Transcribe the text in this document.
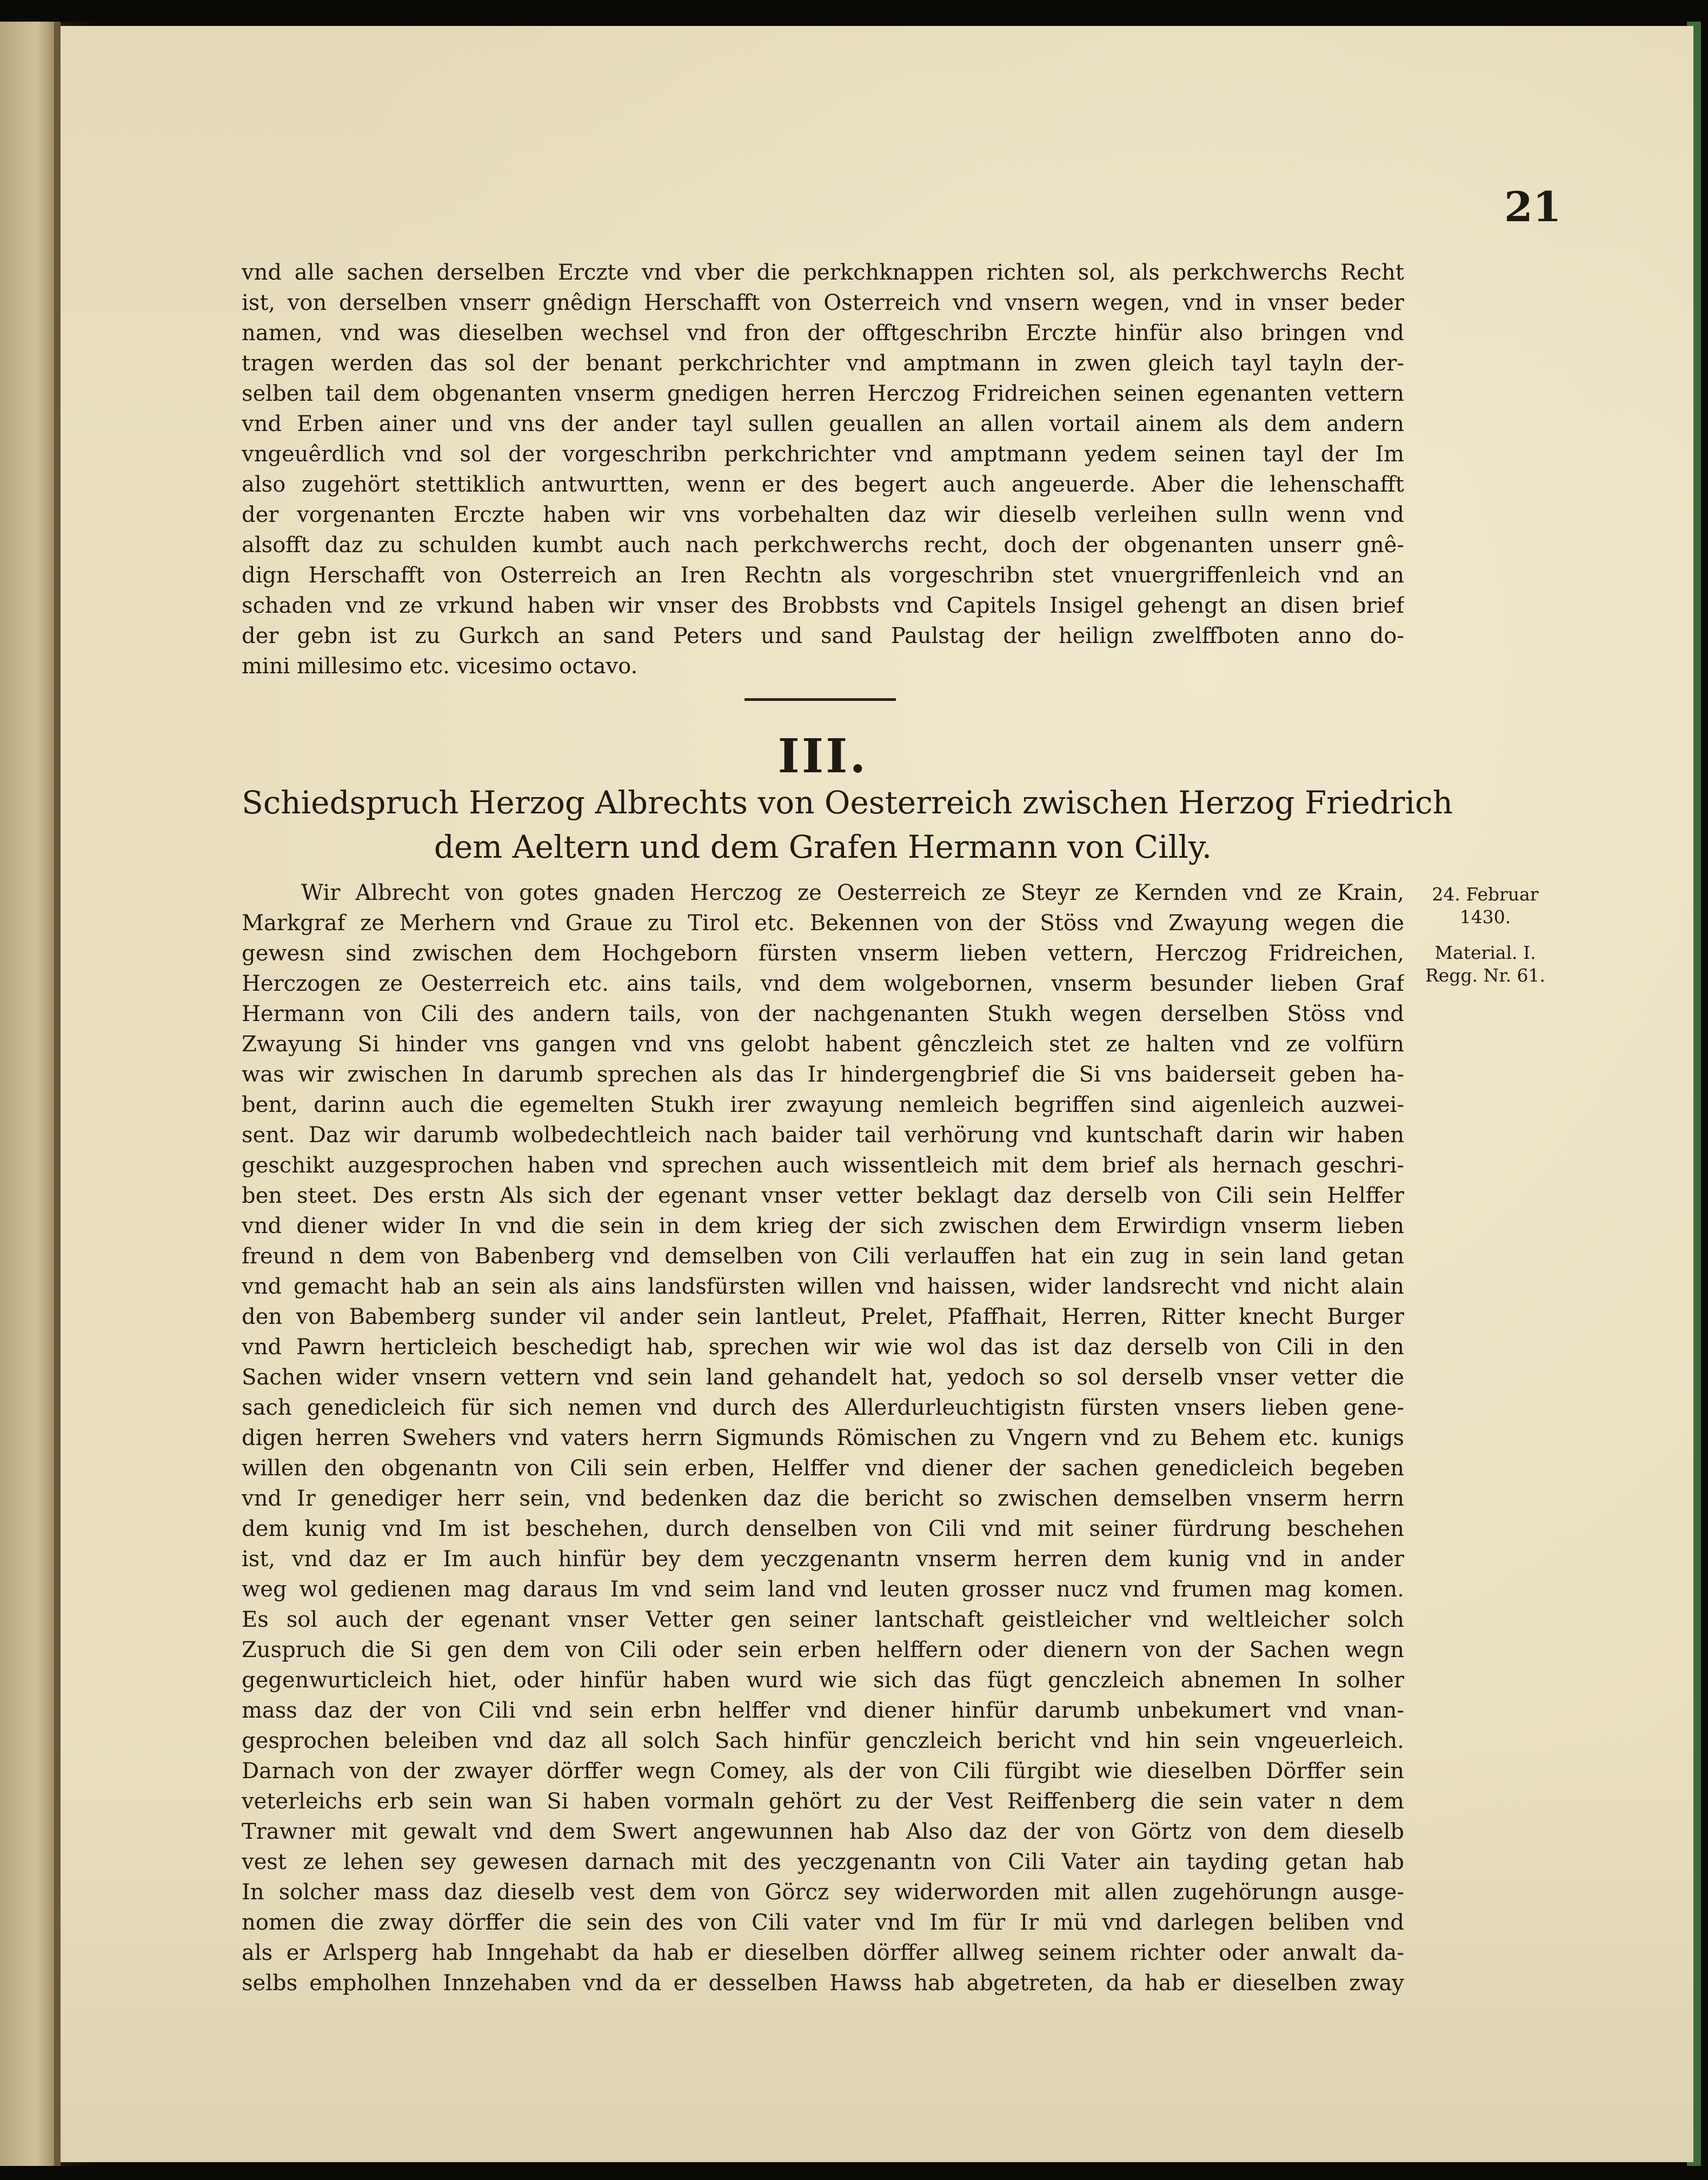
21
vnd alle sachen derselben Erczte vnd vber die perkchknappen richten sol, als perkchwerchs Recht
ist, von derselben vnserr gnêdign Herschafft von Osterreich vnd vnsern wegen, vnd in vnser beder
namen, vnd was dieselben wechsel vnd fron der offtgeschribn Erczte hinfür also bringen vnd
tragen werden das sol der benant perkchrichter vnd amptmann in zwen gleich tayl tayln der-
selben tail dem obgenanten vnserm gnedigen herren Herczog Fridreichen seinen egenanten vettern
vnd Erben ainer und vns der ander tayl sullen geuallen an allen vortail ainem als dem andern
vngeuêrdlich vnd sol der vorgeschribn perkchrichter vnd amptmann yedem seinen tayl der Im
also zugehört stettiklich antwurtten, wenn er des begert auch angeuerde. Aber die lehenschafft
der vorgenanten Erczte haben wir vns vorbehalten daz wir dieselb verleihen sulln wenn vnd
alsofft daz zu schulden kumbt auch nach perkchwerchs recht, doch der obgenanten unserr gnê-
dign Herschafft von Osterreich an Iren Rechtn als vorgeschribn stet vnuergriffenleich vnd an
schaden vnd ze vrkund haben wir vnser des Brobbsts vnd Capitels Insigel gehengt an disen brief
der gebn ist zu Gurkch an sand Peters und sand Paulstag der heilign zwelffboten anno do-
mini millesimo etc. vicesimo octavo.
III.
Schiedspruch Herzog Albrechts von Oesterreich zwischen Herzog Friedrich
dem Aeltern und dem Grafen Hermann von Cilly.
24. Februar
1430.
Material. I.
Regg. Nr. 61.
Wir Albrecht von gotes gnaden Herczog ze Oesterreich ze Steyr ze Kernden vnd ze Krain,
Markgraf ze Merhern vnd Graue zu Tirol etc. Bekennen von der Stöss vnd Zwayung wegen die
gewesn sind zwischen dem Hochgeborn fürsten vnserm lieben vettern, Herczog Fridreichen,
Herczogen ze Oesterreich etc. ains tails, vnd dem wolgebornen, vnserm besunder lieben Graf
Hermann von Cili des andern tails, von der nachgenanten Stukh wegen derselben Stöss vnd
Zwayung Si hinder vns gangen vnd vns gelobt habent gênczleich stet ze halten vnd ze volfürn
was wir zwischen In darumb sprechen als das Ir hindergengbrief die Si vns baiderseit geben ha-
bent, darinn auch die egemelten Stukh irer zwayung nemleich begriffen sind aigenleich auzwei-
sent. Daz wir darumb wolbedechtleich nach baider tail verhörung vnd kuntschaft darin wir haben
geschikt auzgesprochen haben vnd sprechen auch wissentleich mit dem brief als hernach geschri-
ben steet. Des erstn Als sich der egenant vnser vetter beklagt daz derselb von Cili sein Helffer
vnd diener wider In vnd die sein in dem krieg der sich zwischen dem Erwirdign vnserm lieben
freund n dem von Babenberg vnd demselben von Cili verlauffen hat ein zug in sein land getan
vnd gemacht hab an sein als ains landsfürsten willen vnd haissen, wider landsrecht vnd nicht alain
den von Babemberg sunder vil ander sein lantleut, Prelet, Pfaffhait, Herren, Ritter knecht Burger
vnd Pawrn herticleich beschedigt hab, sprechen wir wie wol das ist daz derselb von Cili in den
Sachen wider vnsern vettern vnd sein land gehandelt hat, yedoch so sol derselb vnser vetter die
sach genedicleich für sich nemen vnd durch des Allerdurleuchtigistn fürsten vnsers lieben gene-
digen herren Swehers vnd vaters herrn Sigmunds Römischen zu Vngern vnd zu Behem etc. kunigs
willen den obgenantn von Cili sein erben, Helffer vnd diener der sachen genedicleich begeben
vnd Ir genediger herr sein, vnd bedenken daz die bericht so zwischen demselben vnserm herrn
dem kunig vnd Im ist beschehen, durch denselben von Cili vnd mit seiner fürdrung beschehen
ist, vnd daz er Im auch hinfür bey dem yeczgenantn vnserm herren dem kunig vnd in ander
weg wol gedienen mag daraus Im vnd seim land vnd leuten grosser nucz vnd frumen mag komen.
Es sol auch der egenant vnser Vetter gen seiner lantschaft geistleicher vnd weltleicher solch
Zuspruch die Si gen dem von Cili oder sein erben helffern oder dienern von der Sachen wegn
gegenwurticleich hiet, oder hinfür haben wurd wie sich das fügt genczleich abnemen In solher
mass daz der von Cili vnd sein erbn helffer vnd diener hinfür darumb unbekumert vnd vnan-
gesprochen beleiben vnd daz all solch Sach hinfür genczleich bericht vnd hin sein vngeuerleich.
Darnach von der zwayer dörffer wegn Comey, als der von Cili fürgibt wie dieselben Dörffer sein
veterleichs erb sein wan Si haben vormaln gehört zu der Vest Reiffenberg die sein vater n dem
Trawner mit gewalt vnd dem Swert angewunnen hab Also daz der von Görtz von dem dieselb
vest ze lehen sey gewesen darnach mit des yeczgenantn von Cili Vater ain tayding getan hab
In solcher mass daz dieselb vest dem von Görcz sey widerworden mit allen zugehörungn ausge-
nomen die zway dörffer die sein des von Cili vater vnd Im für Ir mü vnd darlegen beliben vnd
als er Arlsperg hab Inngehabt da hab er dieselben dörffer allweg seinem richter oder anwalt da-
selbs empholhen Innzehaben vnd da er desselben Hawss hab abgetreten, da hab er dieselben zway
